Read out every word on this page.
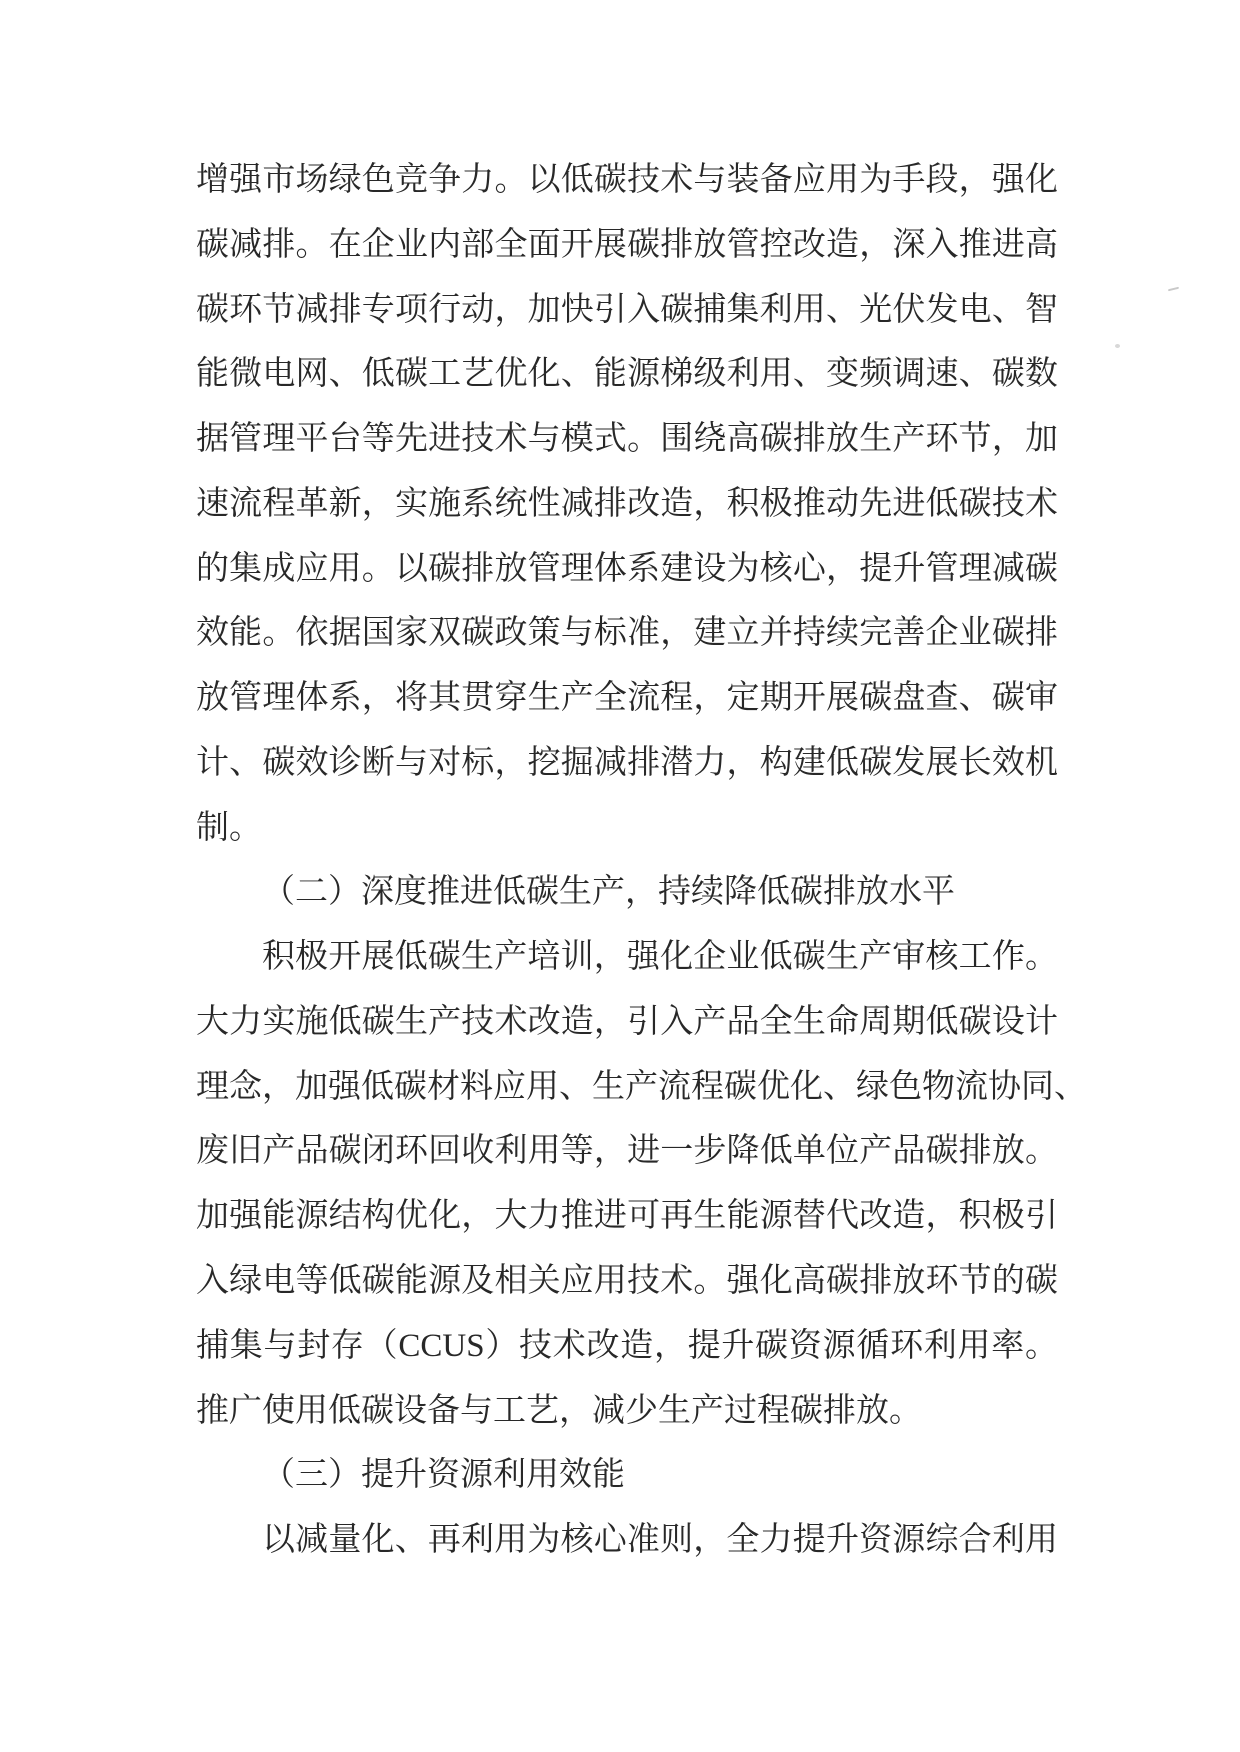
增强市场绿色竞争力。以低碳技术与装备应用为手段，强化
碳减排。在企业内部全面开展碳排放管控改造，深入推进高
碳环节减排专项行动，加快引入碳捕集利用、光伏发电、智
能微电网、低碳工艺优化、能源梯级利用、变频调速、碳数
据管理平台等先进技术与模式。围绕高碳排放生产环节，加
速流程革新，实施系统性减排改造，积极推动先进低碳技术
的集成应用。以碳排放管理体系建设为核心，提升管理减碳
效能。依据国家双碳政策与标准，建立并持续完善企业碳排
放管理体系，将其贯穿生产全流程，定期开展碳盘查、碳审
计、碳效诊断与对标，挖掘减排潜力，构建低碳发展长效机
制。
（二）深度推进低碳生产，持续降低碳排放水平
积极开展低碳生产培训，强化企业低碳生产审核工作。
大力实施低碳生产技术改造，引入产品全生命周期低碳设计
理念，加强低碳材料应用、生产流程碳优化、绿色物流协同、
废旧产品碳闭环回收利用等，进一步降低单位产品碳排放。
加强能源结构优化，大力推进可再生能源替代改造，积极引
入绿电等低碳能源及相关应用技术。强化高碳排放环节的碳
捕集与封存（CCUS）技术改造，提升碳资源循环利用率。
推广使用低碳设备与工艺，减少生产过程碳排放。
（三）提升资源利用效能
以减量化、再利用为核心准则，全力提升资源综合利用
